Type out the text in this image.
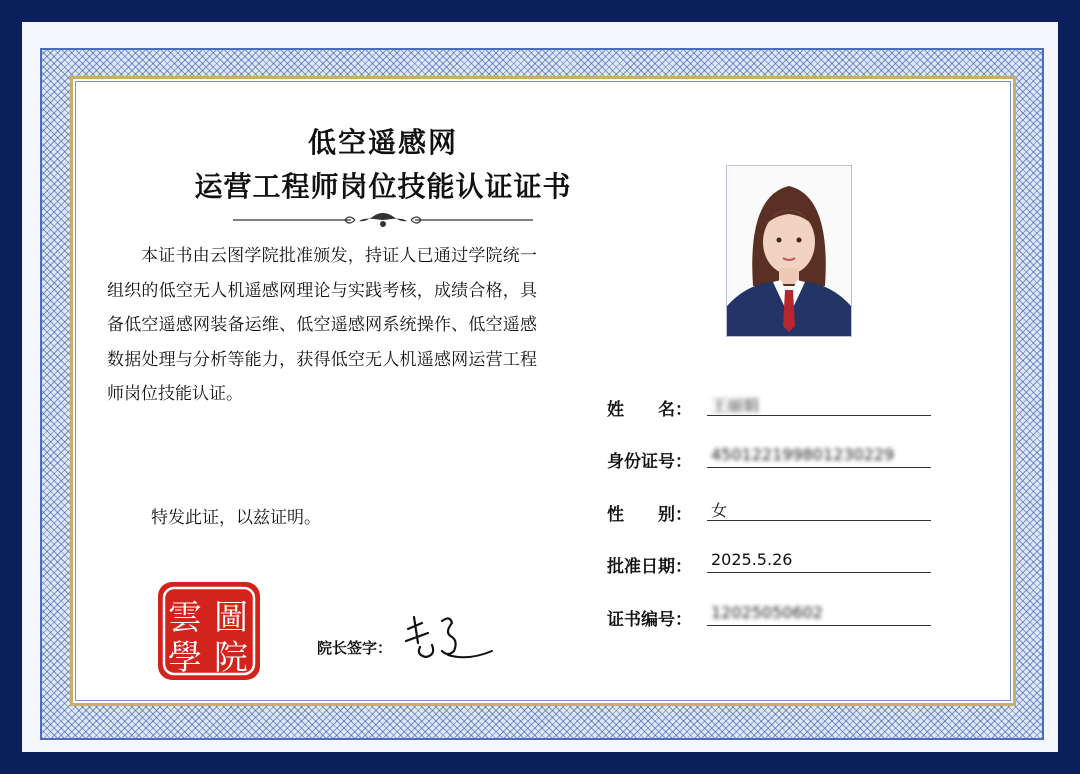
低空遥感网
运营工程师岗位技能认证证书

本证书由云图学院批准颁发，持证人已通过学院统一组织的低空无人机遥感网理论与实践考核，成绩合格，具备低空遥感网装备运维、低空遥感网系统操作、低空遥感数据处理与分析等能力，获得低空无人机遥感网运营工程师岗位技能认证。

特发此证，以兹证明。
雲 圖
學 院	院长签字：
姓　　名： 王丽娟
身份证号： 450122199801230229
性　　别： 女
批准日期： 2025.5.26
证书编号： 12025050602
